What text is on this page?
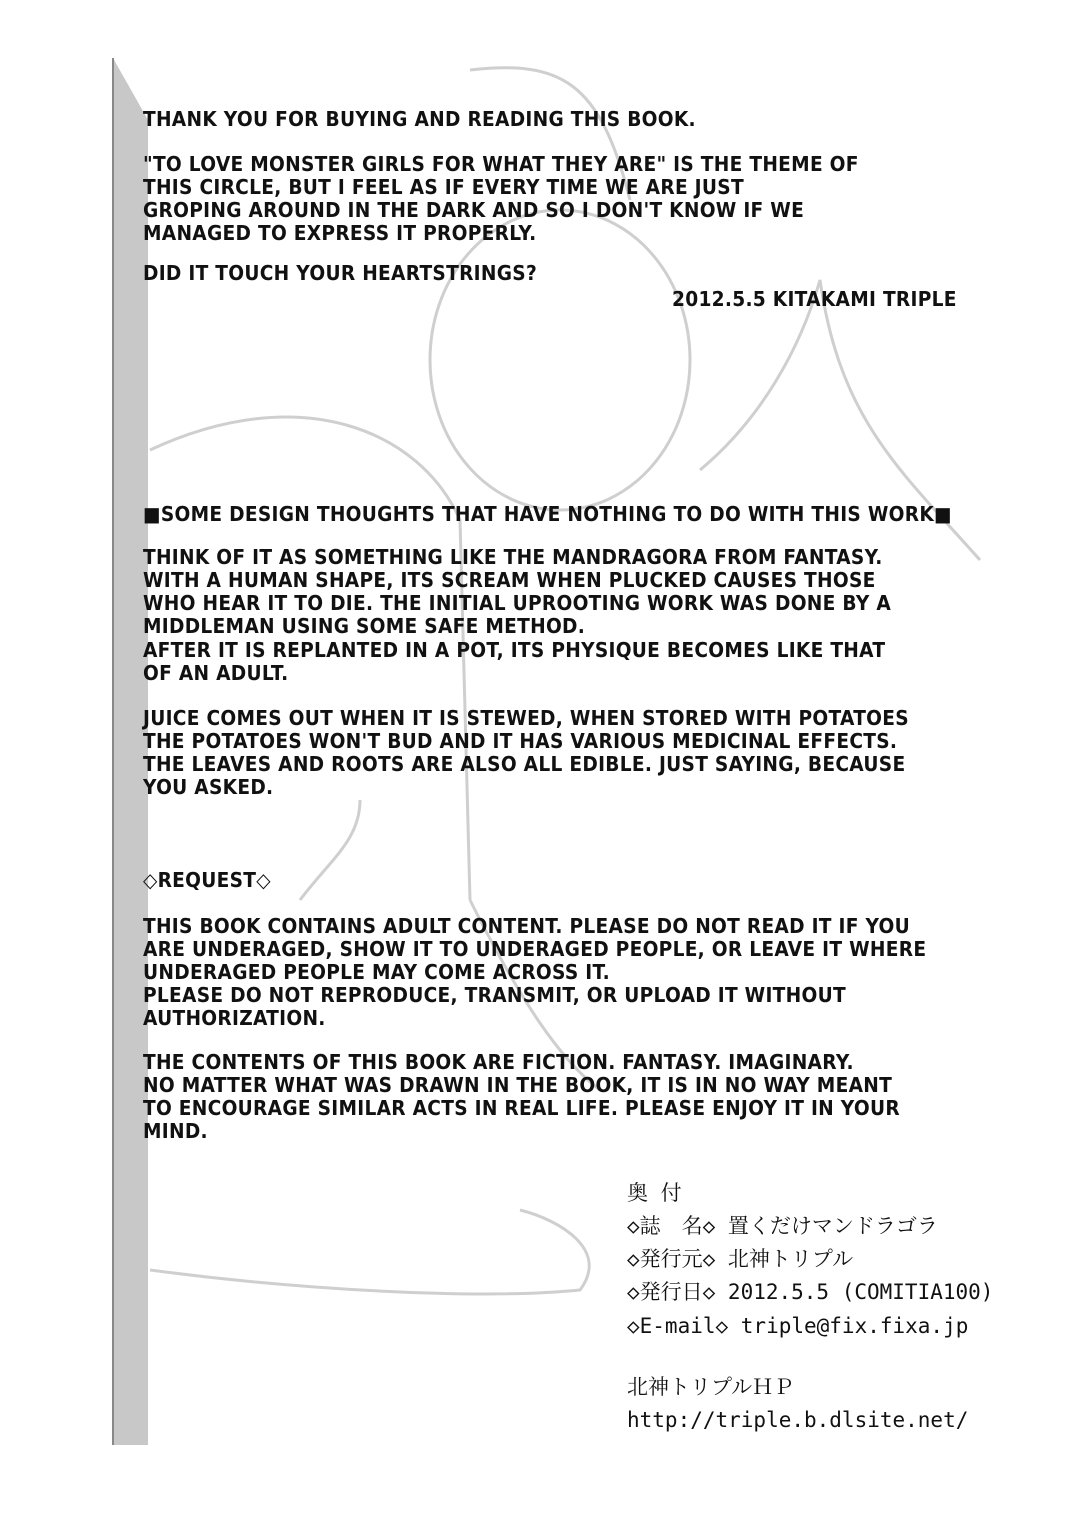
THANK YOU FOR BUYING AND READING THIS BOOK.
"TO LOVE MONSTER GIRLS FOR WHAT THEY ARE" IS THE THEME OF
THIS CIRCLE, BUT I FEEL AS IF EVERY TIME WE ARE JUST
GROPING AROUND IN THE DARK AND SO I DON'T KNOW IF WE
MANAGED TO EXPRESS IT PROPERLY.
DID IT TOUCH YOUR HEARTSTRINGS?
2012.5.5 KITAKAMI TRIPLE
■SOME DESIGN THOUGHTS THAT HAVE NOTHING TO DO WITH THIS WORK■
THINK OF IT AS SOMETHING LIKE THE MANDRAGORA FROM FANTASY.
WITH A HUMAN SHAPE, ITS SCREAM WHEN PLUCKED CAUSES THOSE
WHO HEAR IT TO DIE. THE INITIAL UPROOTING WORK WAS DONE BY A
MIDDLEMAN USING SOME SAFE METHOD.
AFTER IT IS REPLANTED IN A POT, ITS PHYSIQUE BECOMES LIKE THAT
OF AN ADULT.
JUICE COMES OUT WHEN IT IS STEWED, WHEN STORED WITH POTATOES
THE POTATOES WON'T BUD AND IT HAS VARIOUS MEDICINAL EFFECTS.
THE LEAVES AND ROOTS ARE ALSO ALL EDIBLE. JUST SAYING, BECAUSE
YOU ASKED.
◇REQUEST◇
THIS BOOK CONTAINS ADULT CONTENT. PLEASE DO NOT READ IT IF YOU
ARE UNDERAGED, SHOW IT TO UNDERAGED PEOPLE, OR LEAVE IT WHERE
UNDERAGED PEOPLE MAY COME ACROSS IT.
PLEASE DO NOT REPRODUCE, TRANSMIT, OR UPLOAD IT WITHOUT
AUTHORIZATION.
THE CONTENTS OF THIS BOOK ARE FICTION. FANTASY. IMAGINARY.
NO MATTER WHAT WAS DRAWN IN THE BOOK, IT IS IN NO WAY MEANT
TO ENCOURAGE SIMILAR ACTS IN REAL LIFE. PLEASE ENJOY IT IN YOUR
MIND.
奥 付
◇誌　名◇ 置くだけマンドラゴラ
◇発行元◇ 北神トリプル
◇発行日◇ 2012.5.5 (COMITIA100)
◇E-mail◇ triple@fix.fixa.jp
北神トリプルＨＰ
http://triple.b.dlsite.net/
